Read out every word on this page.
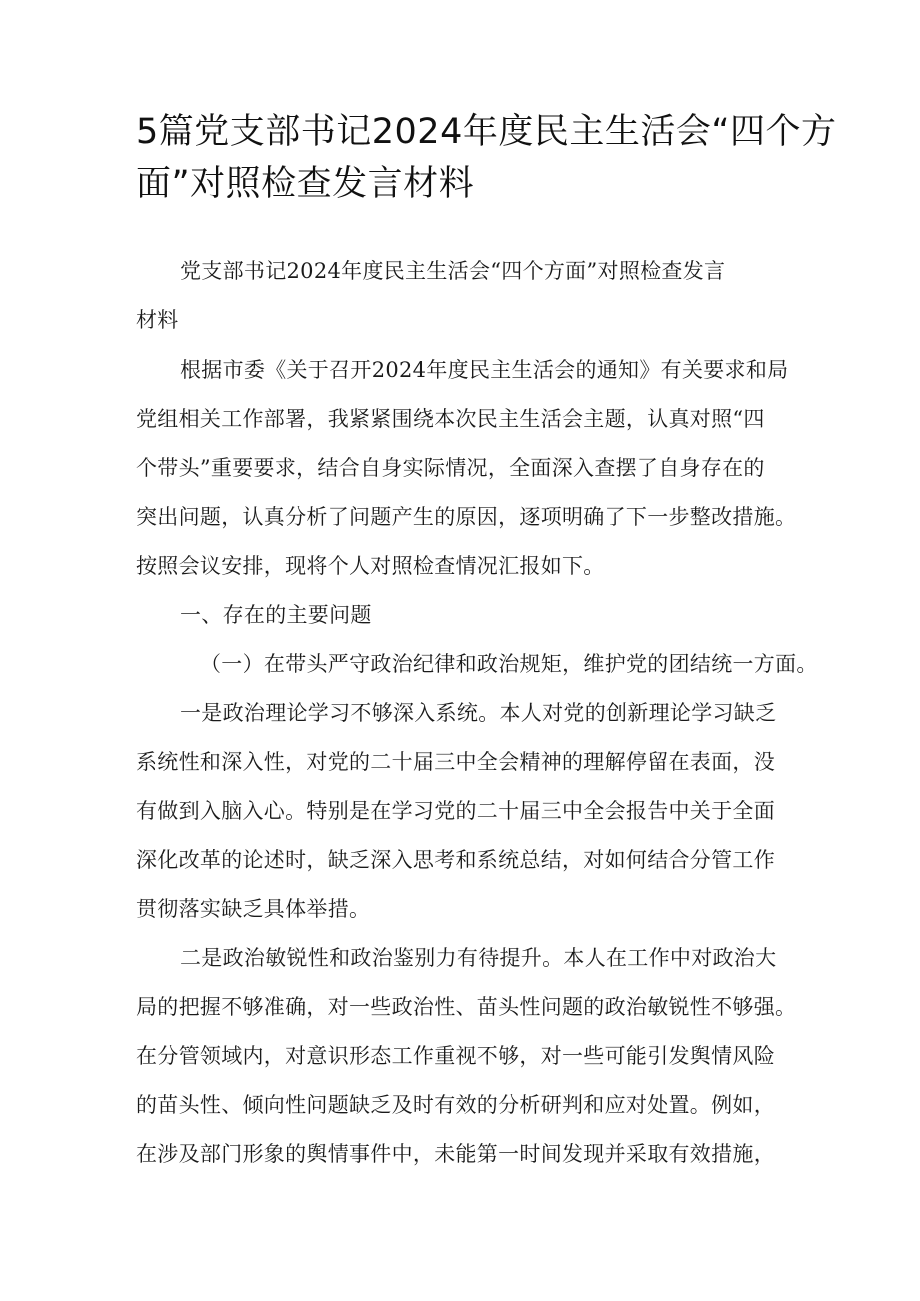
5篇党支部书记2024年度民主生活会“四个方
面”对照检查发言材料
党支部书记2024年度民主生活会“四个方面”对照检查发言
材料
根据市委《关于召开2024年度民主生活会的通知》有关要求和局
党组相关工作部署，我紧紧围绕本次民主生活会主题，认真对照“四
个带头”重要要求，结合自身实际情况，全面深入查摆了自身存在的
突出问题，认真分析了问题产生的原因，逐项明确了下一步整改措施。
按照会议安排，现将个人对照检查情况汇报如下。
一、存在的主要问题
（一）在带头严守政治纪律和政治规矩，维护党的团结统一方面。
一是政治理论学习不够深入系统。本人对党的创新理论学习缺乏
系统性和深入性，对党的二十届三中全会精神的理解停留在表面，没
有做到入脑入心。特别是在学习党的二十届三中全会报告中关于全面
深化改革的论述时，缺乏深入思考和系统总结，对如何结合分管工作
贯彻落实缺乏具体举措。
二是政治敏锐性和政治鉴别力有待提升。本人在工作中对政治大
局的把握不够准确，对一些政治性、苗头性问题的政治敏锐性不够强。
在分管领域内，对意识形态工作重视不够，对一些可能引发舆情风险
的苗头性、倾向性问题缺乏及时有效的分析研判和应对处置。例如，
在涉及部门形象的舆情事件中，未能第一时间发现并采取有效措施，
